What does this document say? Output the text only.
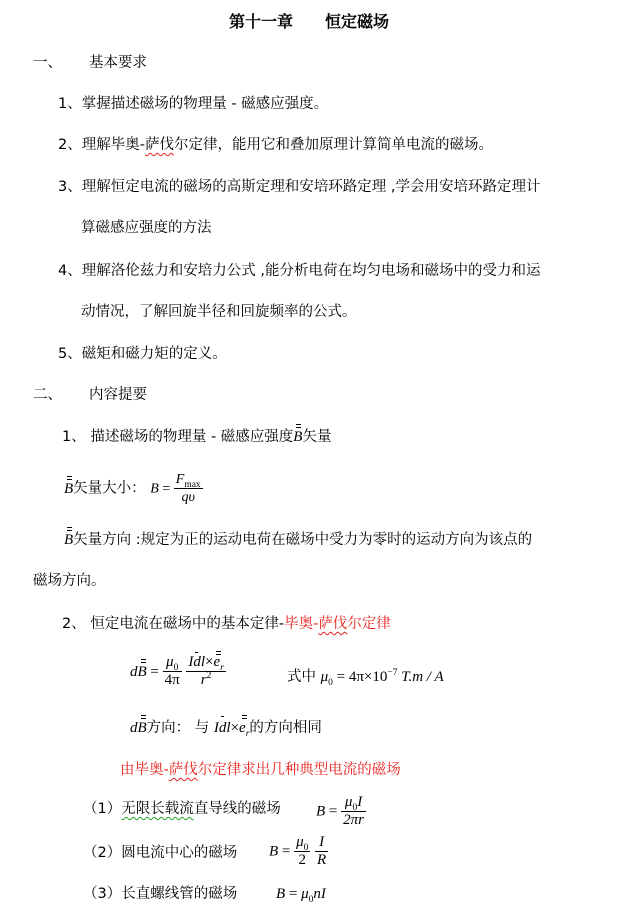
第十一章　　恒定磁场
一、 基本要求
1、掌握描述磁场的物理量 - 磁感应强度。
2、理解毕奥-萨伐尔定律，能用它和叠加原理计算简单电流的磁场。
3、理解恒定电流的磁场的高斯定理和安培环路定理 ,学会用安培环路定理计
算磁感应强度的方法
4、理解洛伦兹力和安培力公式 ,能分析电荷在均匀电场和磁场中的受力和运
动情况，了解回旋半径和回旋频率的公式。
5、磁矩和磁力矩的定义。
二、 内容提要
1、 描述磁场的物理量 - 磁感应强度B矢量
B矢量大小： $B = \frac{F_{max}}{q\upsilon}$
B矢量方向 :规定为正的运动电荷在磁场中受力为零时的运动方向为该点的
磁场方向。
2、 恒定电流在磁场中的基本定律-毕奥-萨伐尔定律
dB = $\frac{\mu_0}{4\pi}$
$\frac{Idl\times e_r}{r^2}$	式中 $\mu_0 = 4\pi\times 10^{-7}$ T.m / A
dB方向： 与 $Idl\times e_r$的方向相同
由毕奥-萨伐尔定律求出几种典型电流的磁场
（1）无限长载流直导线的磁场 $B = \frac{\mu_0I}{2\pi r}$
（2）圆电流中心的磁场 $B = \frac{\mu_0}{2}$
$\frac{I}{R}$
（3）长直螺线管的磁场	$B = \mu_0nI$
